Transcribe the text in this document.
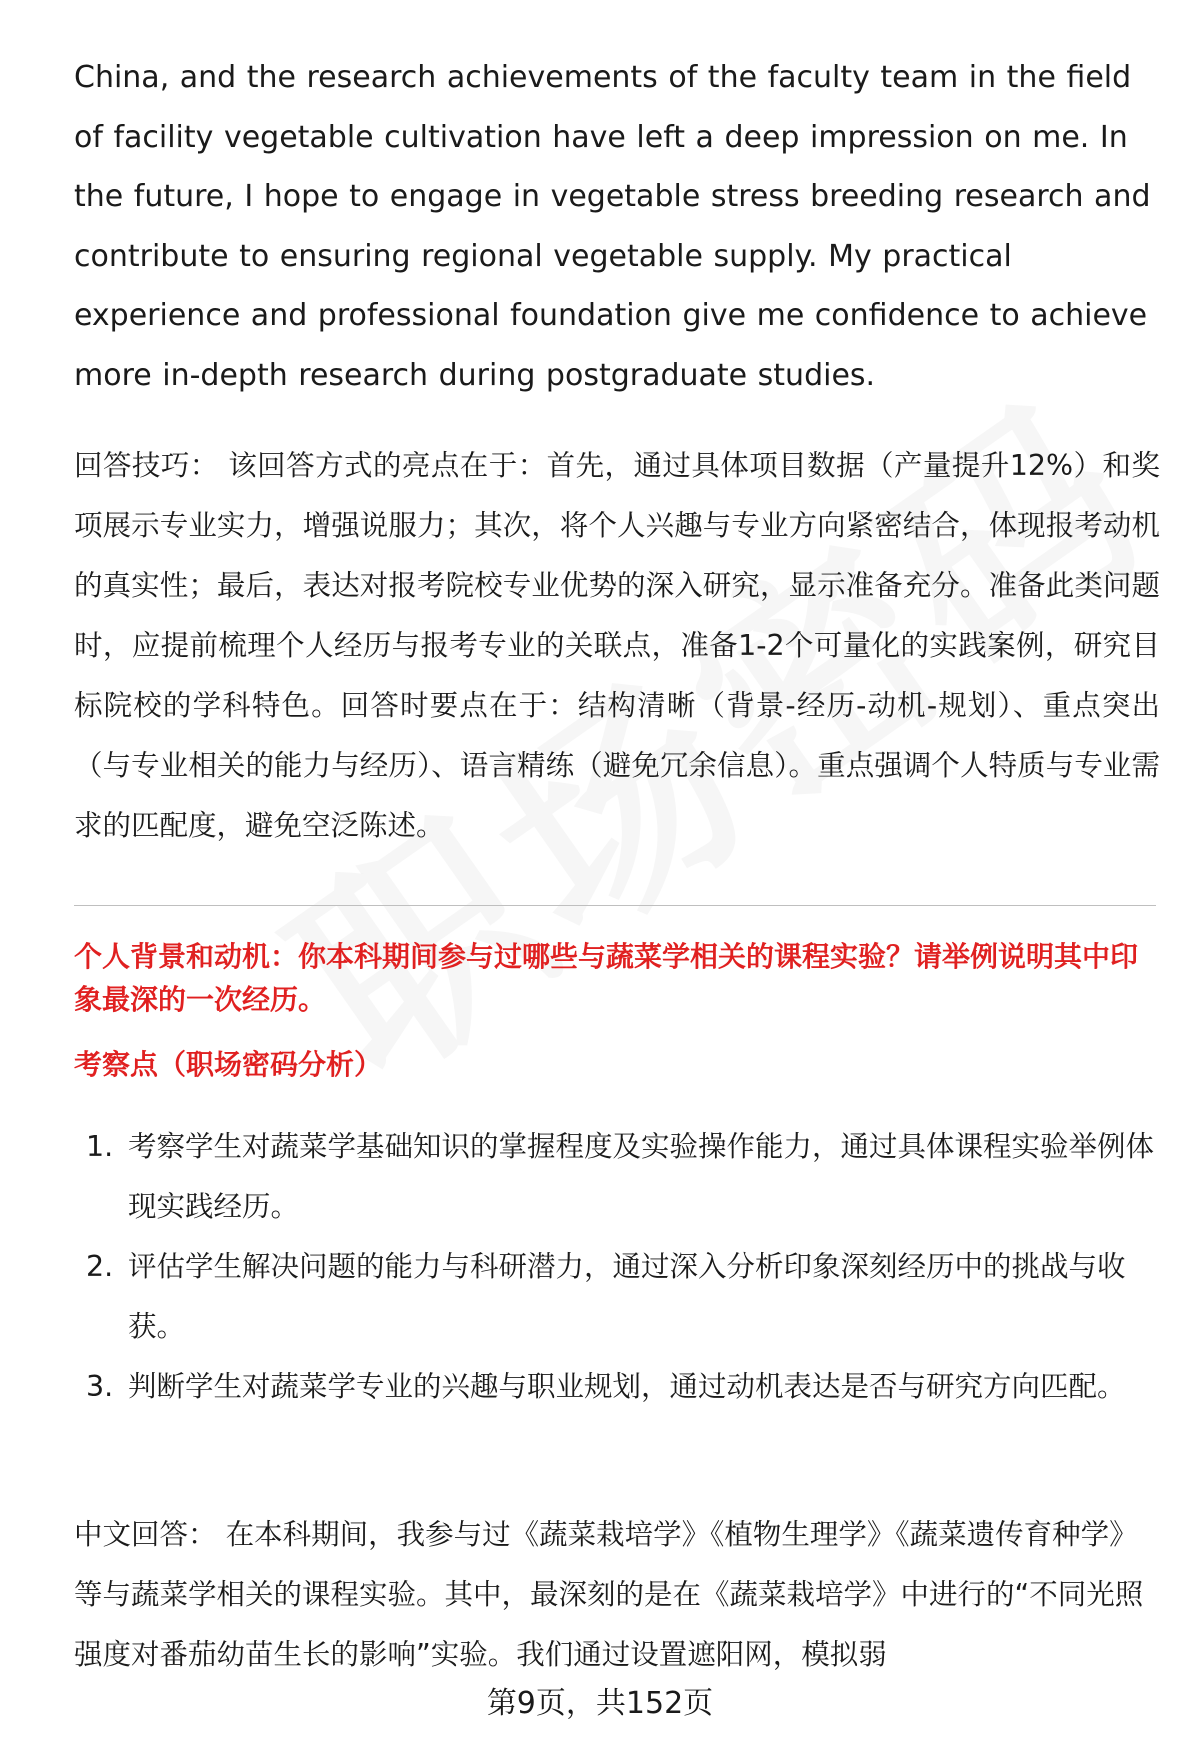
China, and the research achievements of the faculty team in the field of facility vegetable cultivation have left a deep impression on me. In the future, I hope to engage in vegetable stress breeding research and contribute to ensuring regional vegetable supply. My practical experience and professional foundation give me confidence to achieve more in-depth research during postgraduate studies.

回答技巧： 该回答方式的亮点在于：首先，通过具体项目数据（产量提升12%）和奖项展示专业实力，增强说服力；其次，将个人兴趣与专业方向紧密结合，体现报考动机的真实性；最后，表达对报考院校专业优势的深入研究，显示准备充分。准备此类问题时，应提前梳理个人经历与报考专业的关联点，准备1-2个可量化的实践案例，研究目标院校的学科特色。回答时要点在于：结构清晰（背景-经历-动机-规划）、重点突出（与专业相关的能力与经历）、语言精练（避免冗余信息）。重点强调个人特质与专业需求的匹配度，避免空泛陈述。

个人背景和动机：你本科期间参与过哪些与蔬菜学相关的课程实验？请举例说明其中印象最深的一次经历。

考察点（职场密码分析）

1. 考察学生对蔬菜学基础知识的掌握程度及实验操作能力，通过具体课程实验举例体现实践经历。
2. 评估学生解决问题的能力与科研潜力，通过深入分析印象深刻经历中的挑战与收获。
3. 判断学生对蔬菜学专业的兴趣与职业规划，通过动机表达是否与研究方向匹配。

中文回答： 在本科期间，我参与过《蔬菜栽培学》《植物生理学》《蔬菜遗传育种学》等与蔬菜学相关的课程实验。其中，最深刻的是在《蔬菜栽培学》中进行的“不同光照强度对番茄幼苗生长的影响”实验。我们通过设置遮阳网，模拟弱

第9页，共152页
